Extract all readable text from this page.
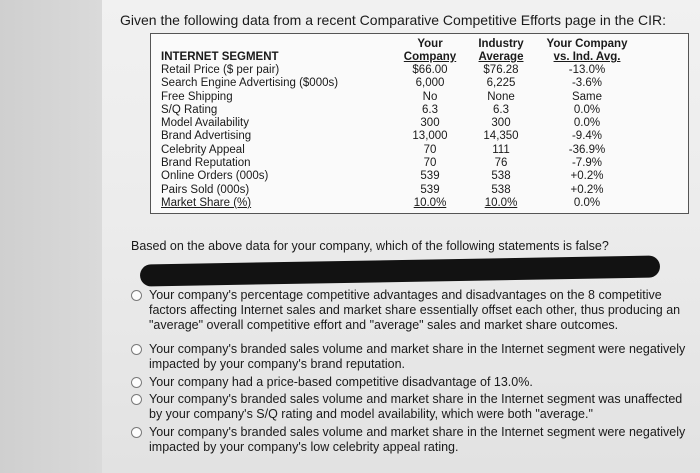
Given the following data from a recent Comparative Competitive Efforts page in the CIR:
INTERNET SEGMENT
Retail Price ($ per pair)
Search Engine Advertising ($000s)
Free Shipping
S/Q Rating
Model Availability
Brand Advertising
Celebrity Appeal
Brand Reputation
Online Orders (000s)
Pairs Sold (000s)
Market Share (%)
Your
Company
$66.00
6,000
No
6.3
300
13,000
70
70
539
539
10.0%
Industry
Average
$76.28
6,225
None
6.3
300
14,350
111
76
538
538
10.0%
Your Company
vs. Ind. Avg.
-13.0%
-3.6%
Same
0.0%
0.0%
-9.4%
-36.9%
-7.9%
+0.2%
+0.2%
0.0%
Based on the above data for your company, which of the following statements is false?
Your company's percentage competitive advantages and disadvantages on the 8 competitive factors affecting Internet sales and market share essentially offset each other, thus producing an "average" overall competitive effort and "average" sales and market share outcomes.
Your company's branded sales volume and market share in the Internet segment were negatively impacted by your company's brand reputation.
Your company had a price-based competitive disadvantage of 13.0%.
Your company's branded sales volume and market share in the Internet segment was unaffected by your company's S/Q rating and model availability, which were both "average."
Your company's branded sales volume and market share in the Internet segment were negatively impacted by your company's low celebrity appeal rating.
